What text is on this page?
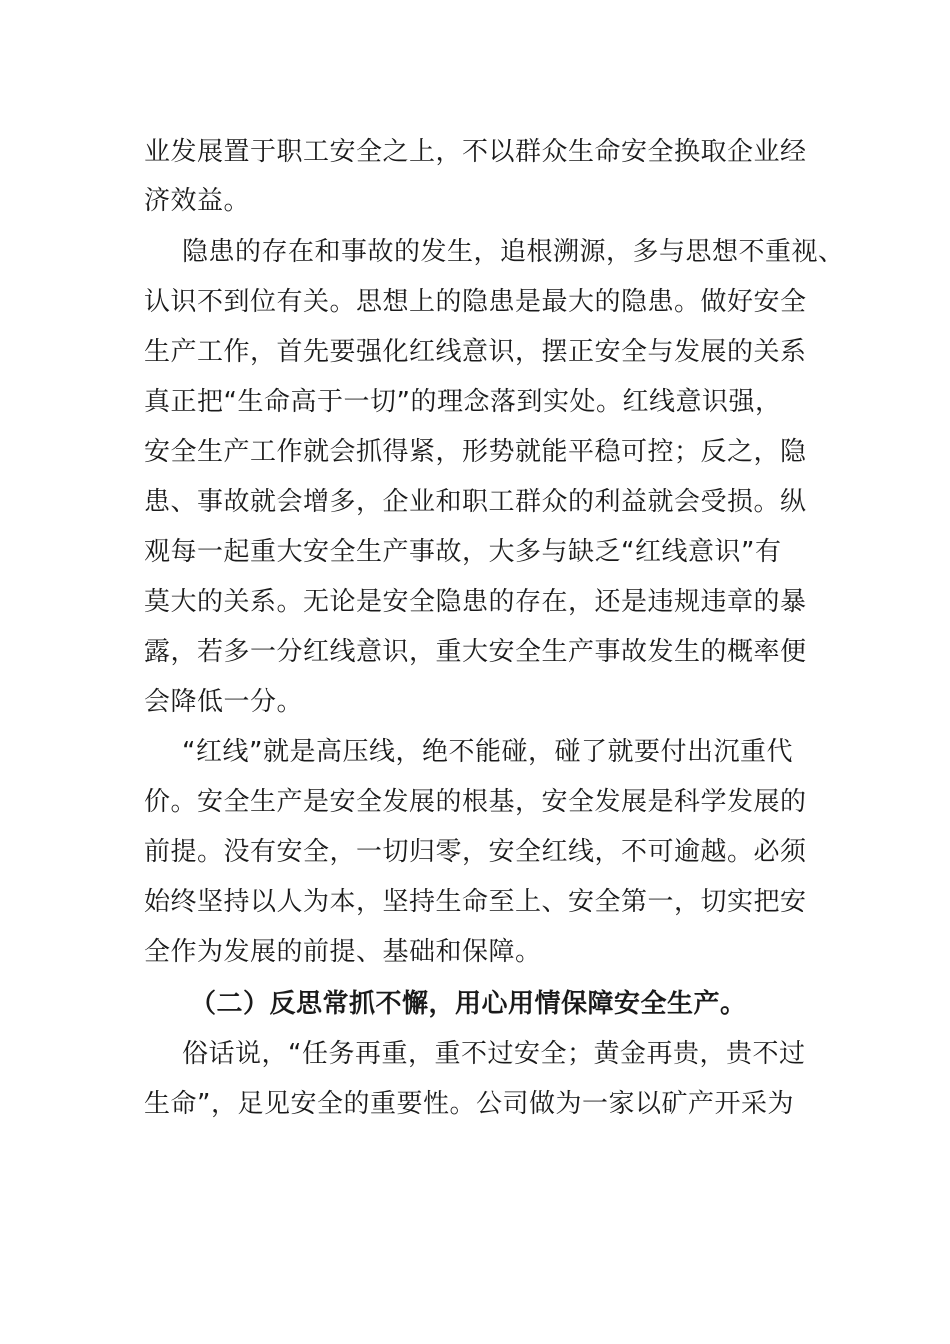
业发展置于职工安全之上，不以群众生命安全换取企业经
济效益。
隐患的存在和事故的发生，追根溯源，多与思想不重视、
认识不到位有关。思想上的隐患是最大的隐患。做好安全
生产工作，首先要强化红线意识，摆正安全与发展的关系
真正把“生命高于一切”的理念落到实处。红线意识强，
安全生产工作就会抓得紧，形势就能平稳可控；反之，隐
患、事故就会增多，企业和职工群众的利益就会受损。纵
观每一起重大安全生产事故，大多与缺乏“红线意识”有
莫大的关系。无论是安全隐患的存在，还是违规违章的暴
露，若多一分红线意识，重大安全生产事故发生的概率便
会降低一分。
“红线”就是高压线，绝不能碰，碰了就要付出沉重代
价。安全生产是安全发展的根基，安全发展是科学发展的
前提。没有安全，一切归零，安全红线，不可逾越。必须
始终坚持以人为本，坚持生命至上、安全第一，切实把安
全作为发展的前提、基础和保障。
（二）反思常抓不懈，用心用情保障安全生产。
俗话说，“任务再重，重不过安全；黄金再贵，贵不过
生命”，足见安全的重要性。公司做为一家以矿产开采为
